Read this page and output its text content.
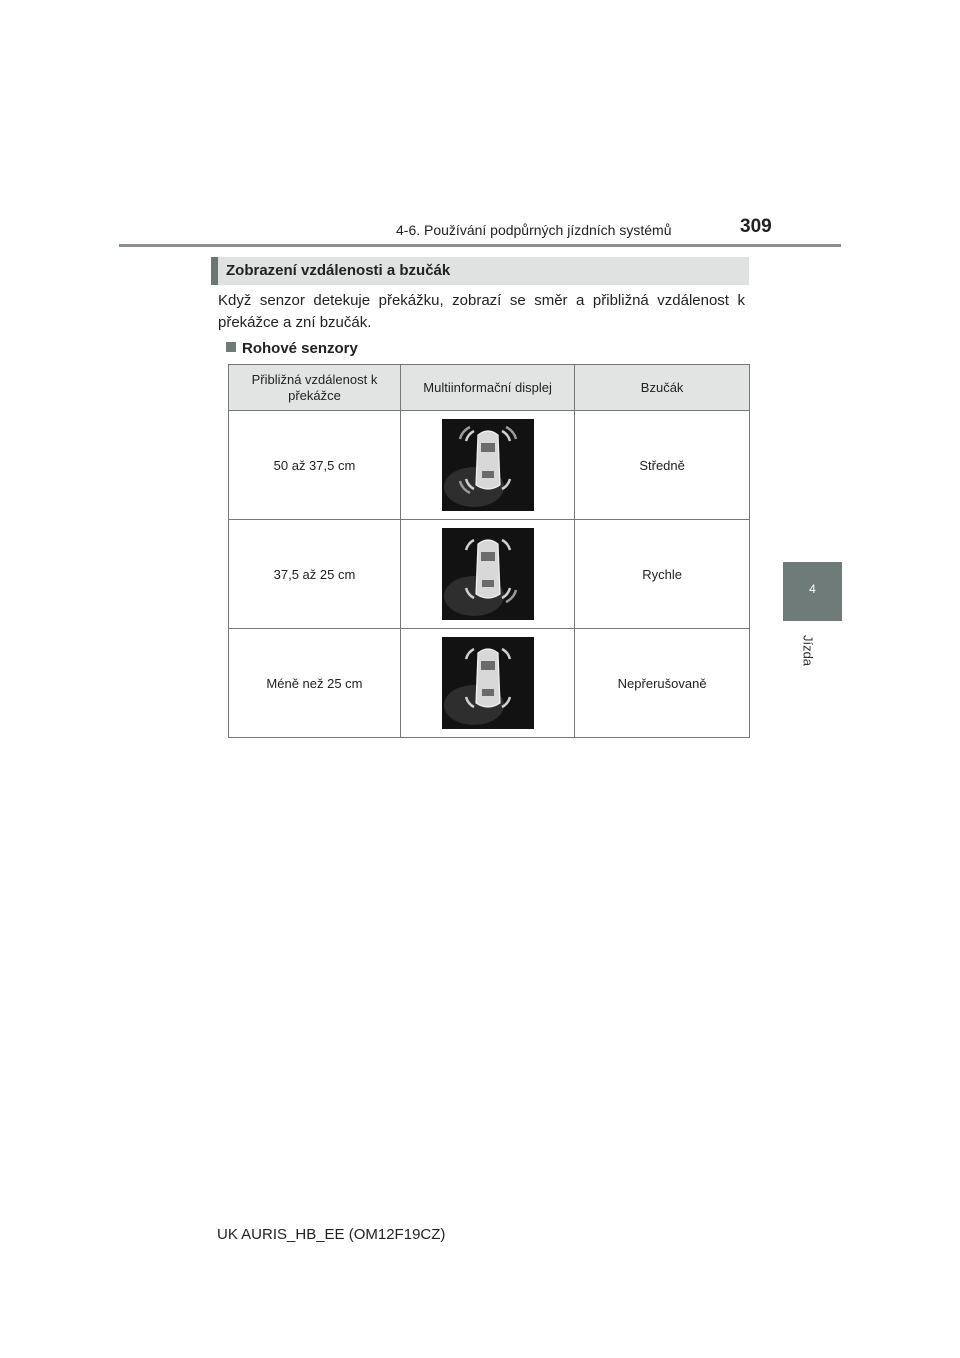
4-6. Používání podpůrných jízdních systémů	309
4
Jízda
Zobrazení vzdálenosti a bzučák
Když senzor detekuje překážku, zobrazí se směr a přibližná vzdálenost k překážce a zní bzučák.
Rohové senzory
Přibližná vzdálenost k překážce	Multiinformační displej	Bzučák
50 až 37,5 cm		Středně
37,5 až 25 cm		Rychle
Méně než 25 cm		Nepřerušovaně
UK AURIS_HB_EE (OM12F19CZ)
